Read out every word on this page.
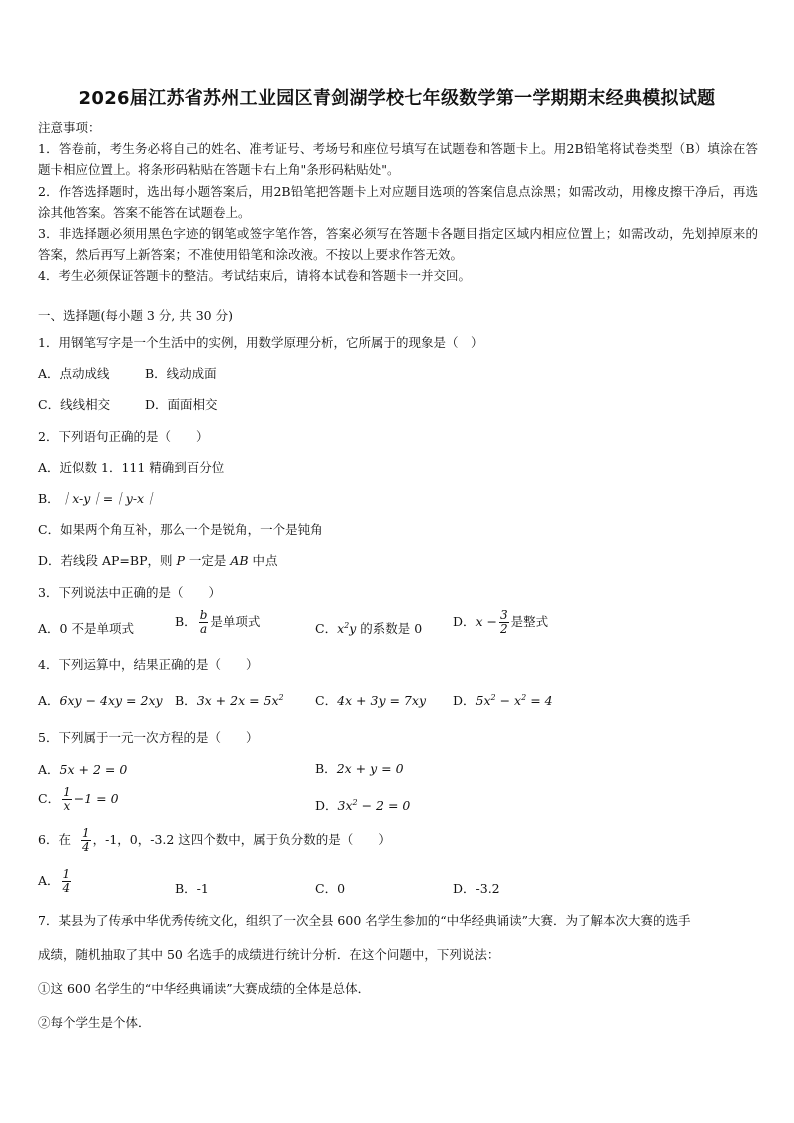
2026届江苏省苏州工业园区青剑湖学校七年级数学第一学期期末经典模拟试题

注意事项：

1．答卷前，考生务必将自己的姓名、准考证号、考场号和座位号填写在试题卷和答题卡上。用2B铅笔将试卷类型（B）填涂在答题卡相应位置上。将条形码粘贴在答题卡右上角"条形码粘贴处"。

2．作答选择题时，选出每小题答案后，用2B铅笔把答题卡上对应题目选项的答案信息点涂黑；如需改动，用橡皮擦干净后，再选涂其他答案。答案不能答在试题卷上。

3．非选择题必须用黑色字迹的钢笔或签字笔作答，答案必须写在答题卡各题目指定区域内相应位置上；如需改动，先划掉原来的答案，然后再写上新答案；不准使用铅笔和涂改液。不按以上要求作答无效。

4．考生必须保证答题卡的整洁。考试结束后，请将本试卷和答题卡一并交回。

一、选择题(每小题 3 分, 共 30 分)
1．用钢笔写字是一个生活中的实例，用数学原理分析，它所属于的现象是（　）
A．点动成线	B．线动成面
C．线线相交	D．面面相交
2．下列语句正确的是（　　）
A．近似数 1．111 精确到百分位
B．｜x-y｜=｜y-x｜
C．如果两个角互补，那么一个是锐角，一个是钝角
D．若线段 AP=BP，则 P 一定是 AB 中点
3．下列说法中正确的是（　　）
A．0 不是单项式	B． $\frac{b}{a}$ 是单项式	C．$x^2y$ 的系数是 0 D．$x - \frac{3}{2}$ 是整式
4．下列运算中，结果正确的是（　　）
A．6xy − 4xy = 2xy B．$3x + 2x = 5x^2$	C．4x + 3y = 7xy D．$5x^2 - x^2 = 4$
5．下列属于一元一次方程的是（　　）
A．5x + 2 = 0	B．2x + y = 0
C． $\frac{1}{x} -1 = 0$	D．$3x^2 - 2 = 0$
6．在 $\frac{1}{4}$ ，-1，0，-3.2 这四个数中，属于负分数的是（　　）
A． $\frac{1}{4}$	B．-1	C．0	D．-3.2
7．某县为了传承中华优秀传统文化，组织了一次全县 600 名学生参加的“中华经典诵读”大赛．为了解本次大赛的选手
成绩，随机抽取了其中 50 名选手的成绩进行统计分析．在这个问题中，下列说法：
①这 600 名学生的“中华经典诵读”大赛成绩的全体是总体．
②每个学生是个体．
